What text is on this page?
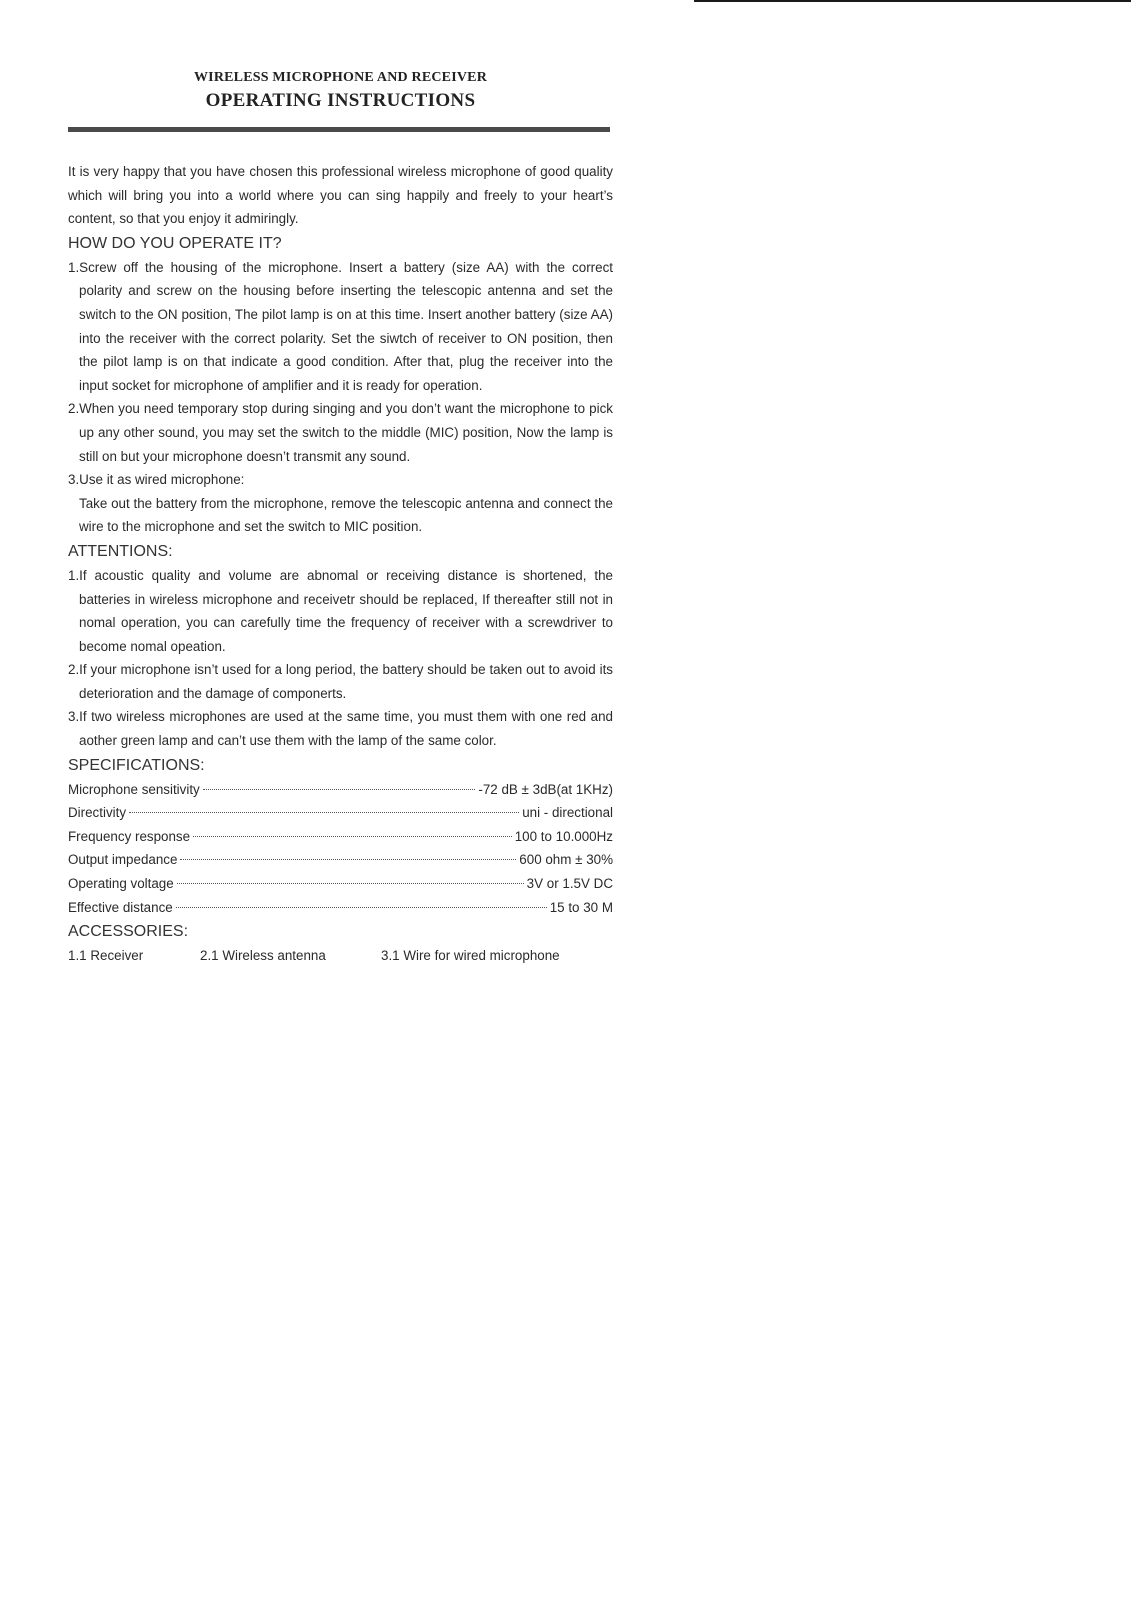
WIRELESS MICROPHONE AND RECEIVER
OPERATING INSTRUCTIONS

It is very happy that you have chosen this professional wireless microphone of good quality which will bring you into a world where you can sing happily and freely to your heart’s content, so that you enjoy it admiringly.

HOW DO YOU OPERATE IT?

1.Screw off the housing of the microphone. Insert a battery (size AA) with the correct polarity and screw on the housing before inserting the telescopic antenna and set the switch to the ON position, The pilot lamp is on at this time. Insert another battery (size AA) into the receiver with the correct polarity. Set the siwtch of receiver to ON position, then the pilot lamp is on that indicate a good condition. After that, plug the receiver into the input socket for microphone of amplifier and it is ready for operation.

2.When you need temporary stop during singing and you don’t want the microphone to pick up any other sound, you may set the switch to the middle (MIC) position, Now the lamp is still on but your microphone doesn’t transmit any sound.

3.Use it as wired microphone:

Take out the battery from the microphone, remove the telescopic antenna and connect the wire to the microphone and set the switch to MIC position.

ATTENTIONS:

1.If acoustic quality and volume are abnomal or receiving distance is shortened, the batteries in wireless microphone and receivetr should be replaced, If thereafter still not in nomal operation, you can carefully time the frequency of receiver with a screwdriver to become nomal opeation.

2.If your microphone isn’t used for a long period, the battery should be taken out to avoid its deterioration and the damage of componerts.

3.If two wireless microphones are used at the same time, you must them with one red and aother green lamp and can’t use them with the lamp of the same color.

SPECIFICATIONS:
Microphone sensitivity	-72 dB ± 3dB(at 1KHz)
Directivity	uni - directional
Frequency response	100 to 10.000Hz
Output impedance	600 ohm ± 30%
Operating voltage	3V or 1.5V DC
Effective distance	15 to 30 M
ACCESSORIES:
1.1 Receiver	2.1 Wireless antenna	3.1 Wire for wired microphone
